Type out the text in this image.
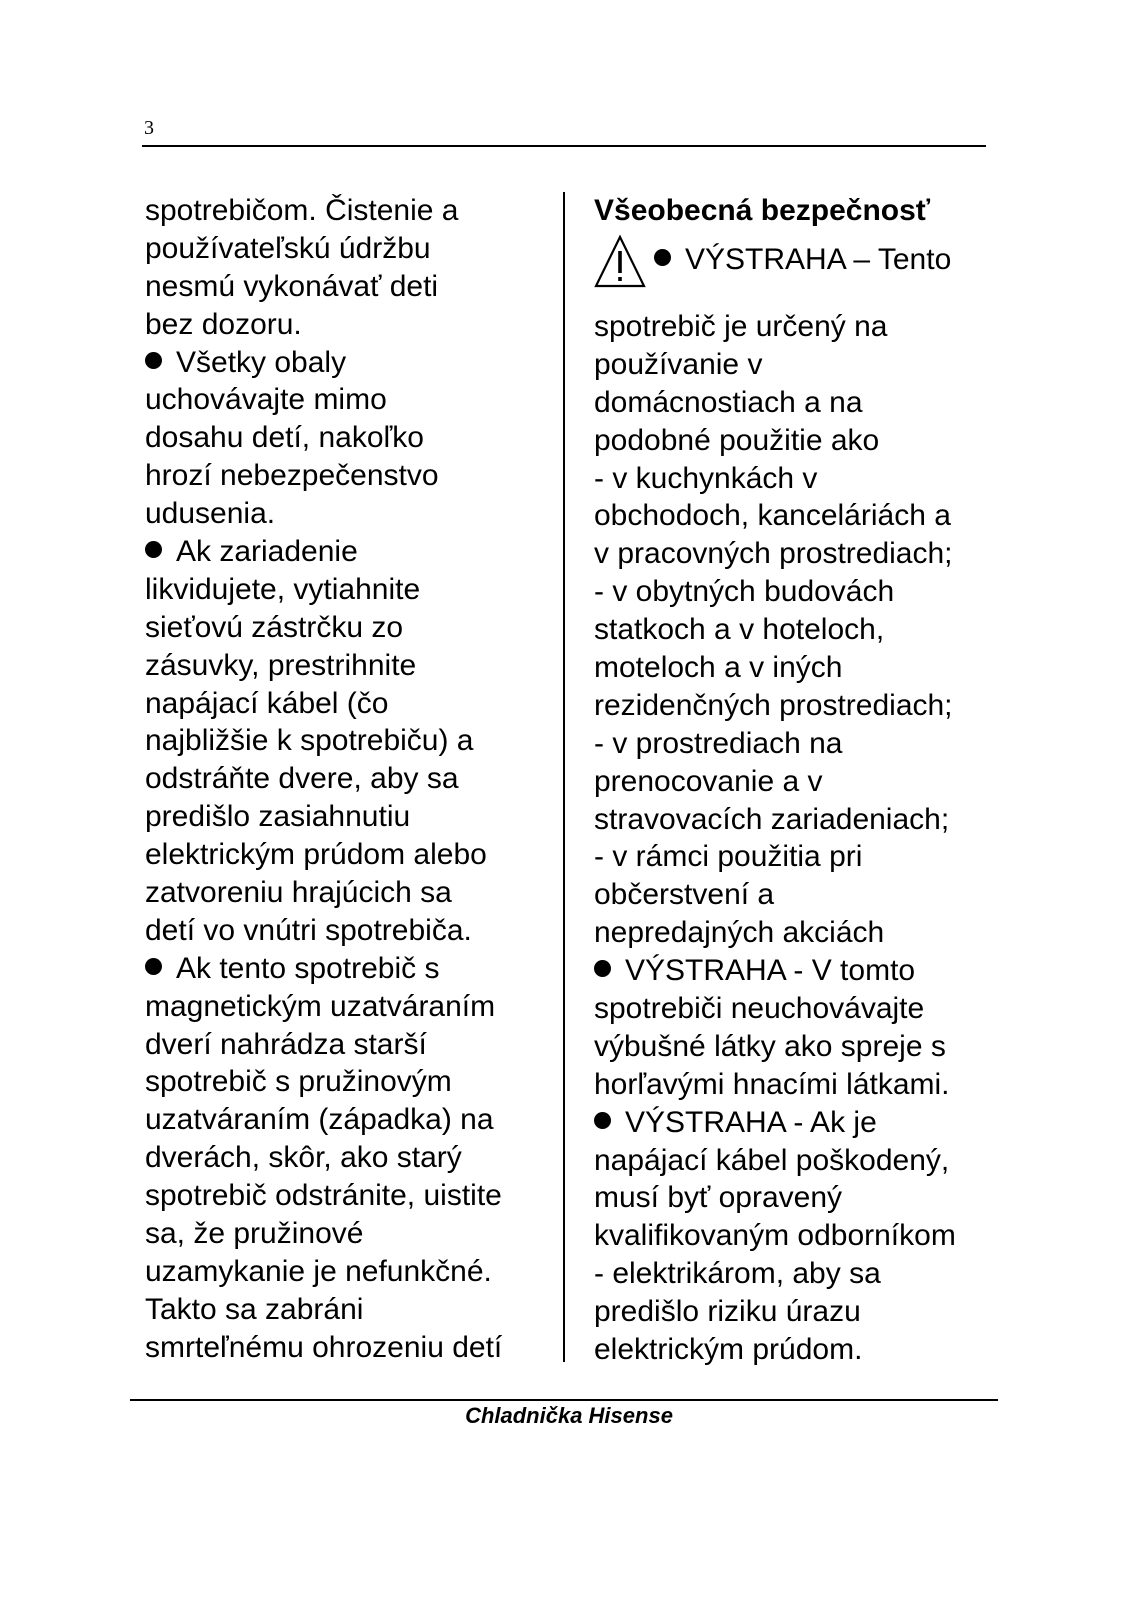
3
spotrebičom. Čistenie a
používateľskú údržbu
nesmú vykonávať deti
bez dozoru.
Všetky obaly
uchovávajte mimo
dosahu detí, nakoľko
hrozí nebezpečenstvo
udusenia.
Ak zariadenie
likvidujete, vytiahnite
sieťovú zástrčku zo
zásuvky, prestrihnite
napájací kábel (čo
najbližšie k spotrebiču) a
odstráňte dvere, aby sa
predišlo zasiahnutiu
elektrickým prúdom alebo
zatvoreniu hrajúcich sa
detí vo vnútri spotrebiča.
Ak tento spotrebič s
magnetickým uzatváraním
dverí nahrádza starší
spotrebič s pružinovým
uzatváraním (západka) na
dverách, skôr, ako starý
spotrebič odstránite, uistite
sa, že pružinové
uzamykanie je nefunkčné.
Takto sa zabráni
smrteľnému ohrozeniu detí
Všeobecná bezpečnosť
VÝSTRAHA – Tento
spotrebič je určený na
používanie v
domácnostiach a na
podobné použitie ako
- v kuchynkách v
obchodoch, kanceláriách a
v pracovných prostrediach;
- v obytných budovách
statkoch a v hoteloch,
moteloch a v iných
rezidenčných prostrediach;
- v prostrediach na
prenocovanie a v
stravovacích zariadeniach;
- v rámci použitia pri
občerstvení a
nepredajných akciách
VÝSTRAHA - V tomto
spotrebiči neuchovávajte
výbušné látky ako spreje s
horľavými hnacími látkami.
VÝSTRAHA - Ak je
napájací kábel poškodený,
musí byť opravený
kvalifikovaným odborníkom
- elektrikárom, aby sa
predišlo riziku úrazu
elektrickým prúdom.
Chladnička Hisense
